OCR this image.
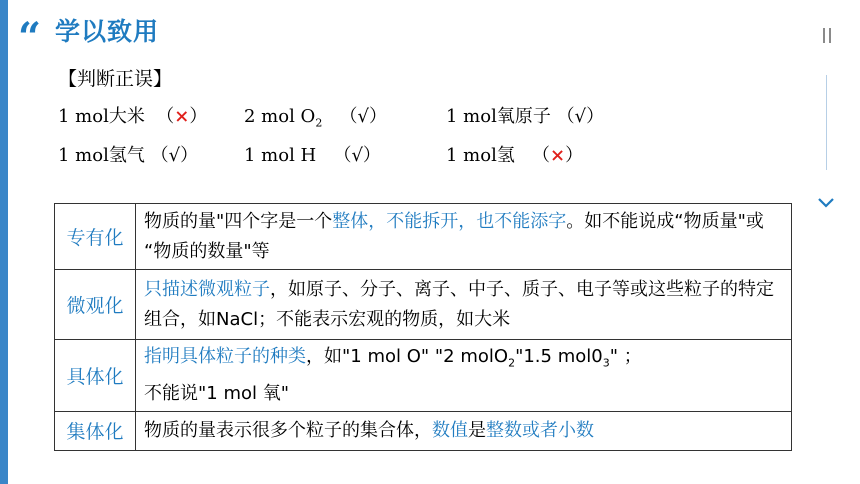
“ 学以致用
【判断正误】
1 mol大米 （×） 2 mol $O_2$ （√）	1 mol氧原子 （√）
1 mol氢气 （√）	1 mol H （√）	1 mol氢 （×）
专有化	物质的量"四个字是一个整体，不能拆开，也不能添字。如不能说成“物质量"或 “物质的数量"等
微观化	只描述微观粒子，如原子、分子、离子、中子、质子、电子等或这些粒子的特定组合，如NaCl；不能表示宏观的物质，如大米
具体化	指明具体粒子的种类，如"1 mol O" "2 molO$_2$"1.5 $mol0_3$" ；
不能说"1 mol 氧"
集体化	物质的量表示很多个粒子的集合体，数值是整数或者小数
